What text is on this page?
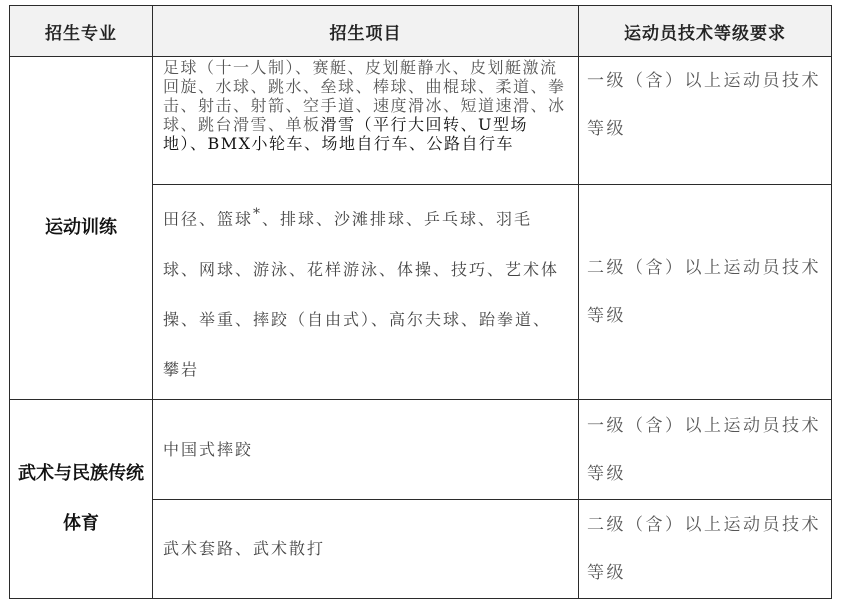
招生专业	招生项目	运动员技术等级要求
运动训练	足球（十一人制）、赛艇、皮划艇静水、皮划艇激流回旋、水球、跳水、垒球、棒球、曲棍球、柔道、拳击、射击、射箭、空手道、速度滑冰、短道速滑、冰球、跳台滑雪、单板滑雪（平行大回转、U型场地）、BMX小轮车、场地自行车、公路自行车	一级（含）以上运动员技术等级
	田径、篮球*、排球、沙滩排球、乒乓球、羽毛球、网球、游泳、花样游泳、体操、技巧、艺术体操、举重、摔跤（自由式）、高尔夫球、跆拳道、攀岩	二级（含）以上运动员技术等级
武术与民族传统体育	中国式摔跤	一级（含）以上运动员技术等级
	武术套路、武术散打	二级（含）以上运动员技术等级
